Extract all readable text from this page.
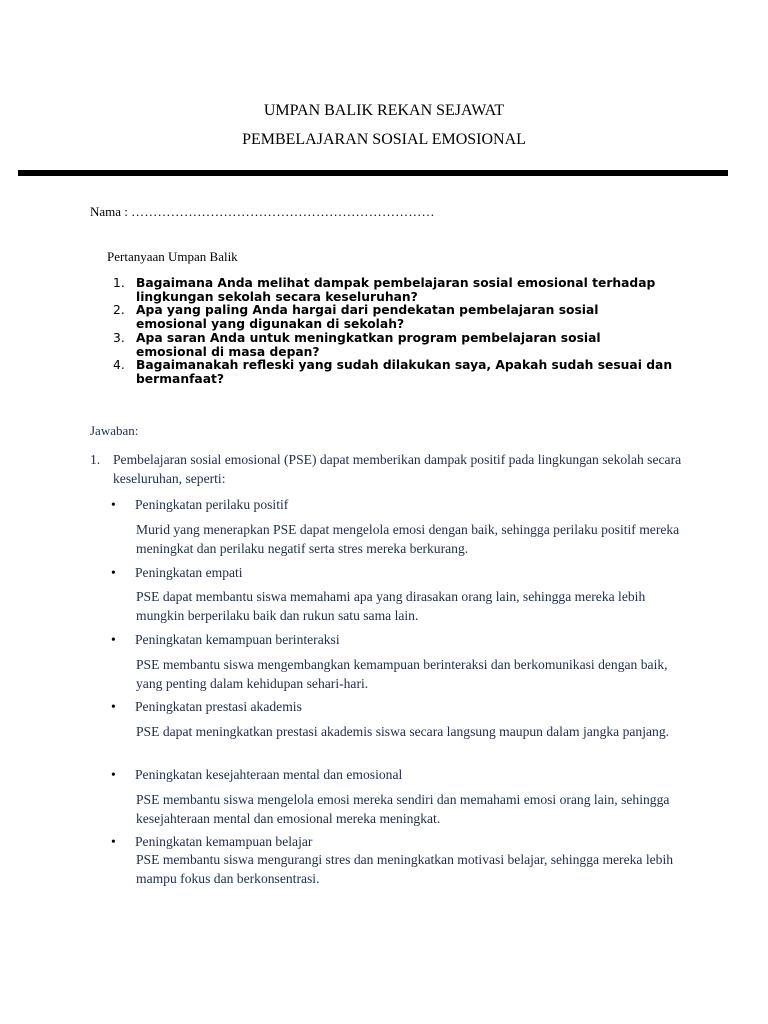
UMPAN BALIK REKAN SEJAWAT
PEMBELAJARAN SOSIAL EMOSIONAL
Nama : ……………………………………………………………
Pertanyaan Umpan Balik
1. Bagaimana Anda melihat dampak pembelajaran sosial emosional terhadap lingkungan sekolah secara keseluruhan?
2. Apa yang paling Anda hargai dari pendekatan pembelajaran sosial emosional yang digunakan di sekolah?
3. Apa saran Anda untuk meningkatkan program pembelajaran sosial emosional di masa depan?
4. Bagaimanakah refleski yang sudah dilakukan saya, Apakah sudah sesuai dan bermanfaat?
Jawaban:
1. Pembelajaran sosial emosional (PSE) dapat memberikan dampak positif pada lingkungan sekolah secara keseluruhan, seperti:
• Peningkatan perilaku positif
Murid yang menerapkan PSE dapat mengelola emosi dengan baik, sehingga perilaku positif mereka meningkat dan perilaku negatif serta stres mereka berkurang.
• Peningkatan empati
PSE dapat membantu siswa memahami apa yang dirasakan orang lain, sehingga mereka lebih mungkin berperilaku baik dan rukun satu sama lain.
• Peningkatan kemampuan berinteraksi
PSE membantu siswa mengembangkan kemampuan berinteraksi dan berkomunikasi dengan baik, yang penting dalam kehidupan sehari-hari.
• Peningkatan prestasi akademis
PSE dapat meningkatkan prestasi akademis siswa secara langsung maupun dalam jangka panjang.
• Peningkatan kesejahteraan mental dan emosional
PSE membantu siswa mengelola emosi mereka sendiri dan memahami emosi orang lain, sehingga kesejahteraan mental dan emosional mereka meningkat.
• Peningkatan kemampuan belajar
PSE membantu siswa mengurangi stres dan meningkatkan motivasi belajar, sehingga mereka lebih mampu fokus dan berkonsentrasi.
